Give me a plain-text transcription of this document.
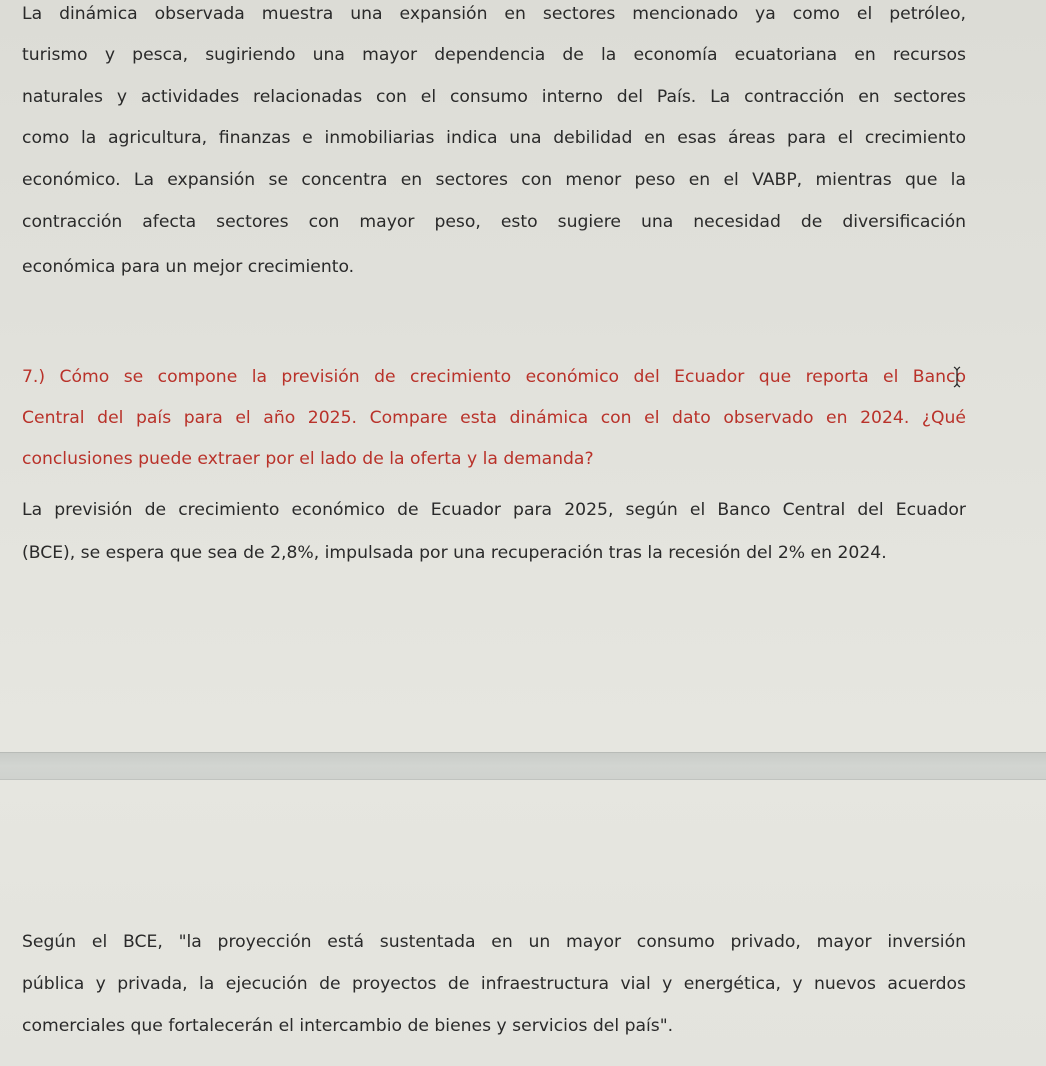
La dinámica observada muestra una expansión en sectores mencionado ya como el petróleo,

turismo y pesca, sugiriendo una mayor dependencia de la economía ecuatoriana en recursos

naturales y actividades relacionadas con el consumo interno del País. La contracción en sectores

como la agricultura, finanzas e inmobiliarias indica una debilidad en esas áreas para el crecimiento

económico. La expansión se concentra en sectores con menor peso en el VABP, mientras que la

contracción afecta sectores con mayor peso, esto sugiere una necesidad de diversificación

económica para un mejor crecimiento.

7.) Cómo se compone la previsión de crecimiento económico del Ecuador que reporta el Banco

Central del país para el año 2025. Compare esta dinámica con el dato observado en 2024. ¿Qué

conclusiones puede extraer por el lado de la oferta y la demanda?

La previsión de crecimiento económico de Ecuador para 2025, según el Banco Central del Ecuador

(BCE), se espera que sea de 2,8%, impulsada por una recuperación tras la recesión del 2% en 2024.

Según el BCE, "la proyección está sustentada en un mayor consumo privado, mayor inversión

pública y privada, la ejecución de proyectos de infraestructura vial y energética, y nuevos acuerdos

comerciales que fortalecerán el intercambio de bienes y servicios del país".
